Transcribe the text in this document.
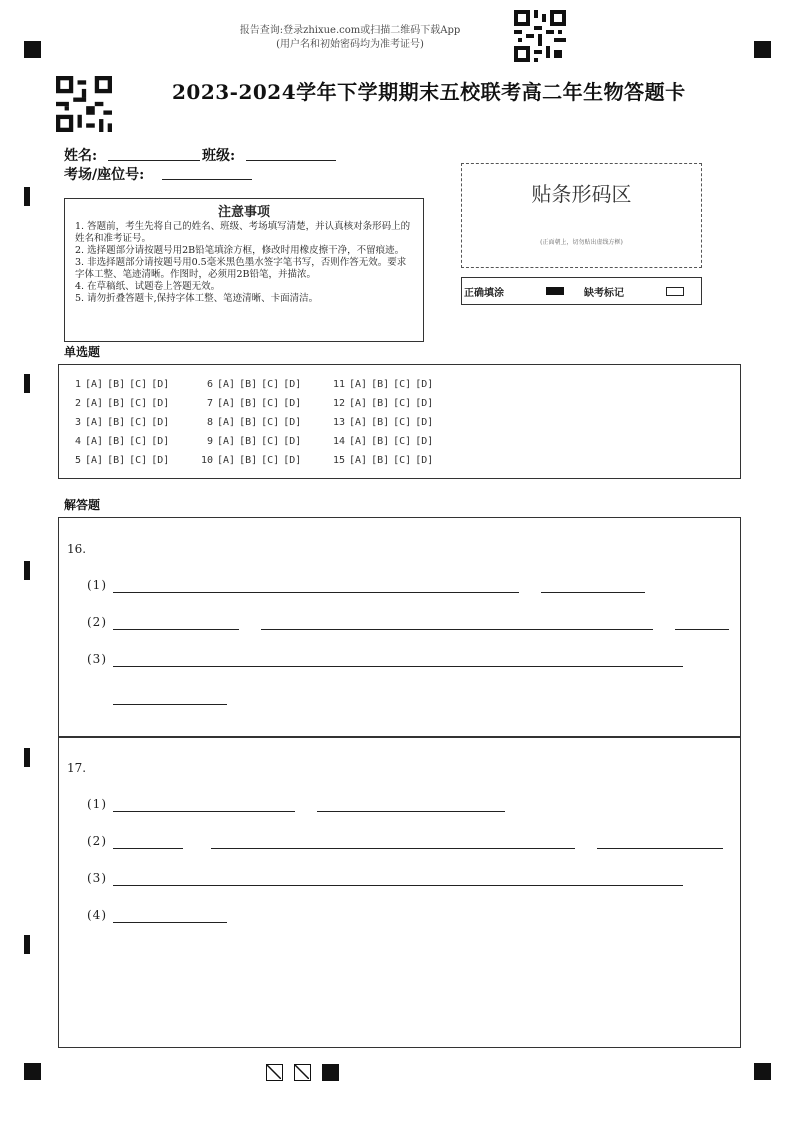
报告查询:登录zhixue.com或扫描二维码下载App
(用户名和初始密码均为准考证号)
2023-2024学年下学期期末五校联考高二年生物答题卡
姓名:	班级:
考场/座位号:
注意事项
1. 答题前，考生先将自己的姓名、班级、考场填写清楚，并认真核对条形码上的姓名和准考证号。
2. 选择题部分请按题号用2B铅笔填涂方框，修改时用橡皮擦干净，不留痕迹。
3. 非选择题部分请按题号用0.5毫米黑色墨水签字笔书写，否则作答无效。要求字体工整、笔迹清晰。作图时，必须用2B铅笔，并描浓。
4. 在草稿纸、试题卷上答题无效。
5. 请勿折叠答题卡,保持字体工整、笔迹清晰、卡面清洁。
贴条形码区
(正面朝上，切勿贴出虚线方框)
正确填涂	缺考标记
单选题
1 [A] [B] [C] [D]
2 [A] [B] [C] [D]
3 [A] [B] [C] [D]
4 [A] [B] [C] [D]
5 [A] [B] [C] [D]
6 [A] [B] [C] [D]
7 [A] [B] [C] [D]
8 [A] [B] [C] [D]
9 [A] [B] [C] [D]
10 [A] [B] [C] [D]
11 [A] [B] [C] [D]
12 [A] [B] [C] [D]
13 [A] [B] [C] [D]
14 [A] [B] [C] [D]
15 [A] [B] [C] [D]
解答题
16.
(1)
(2)
(3)
17.
(1)
(2)
(3)
(4)
